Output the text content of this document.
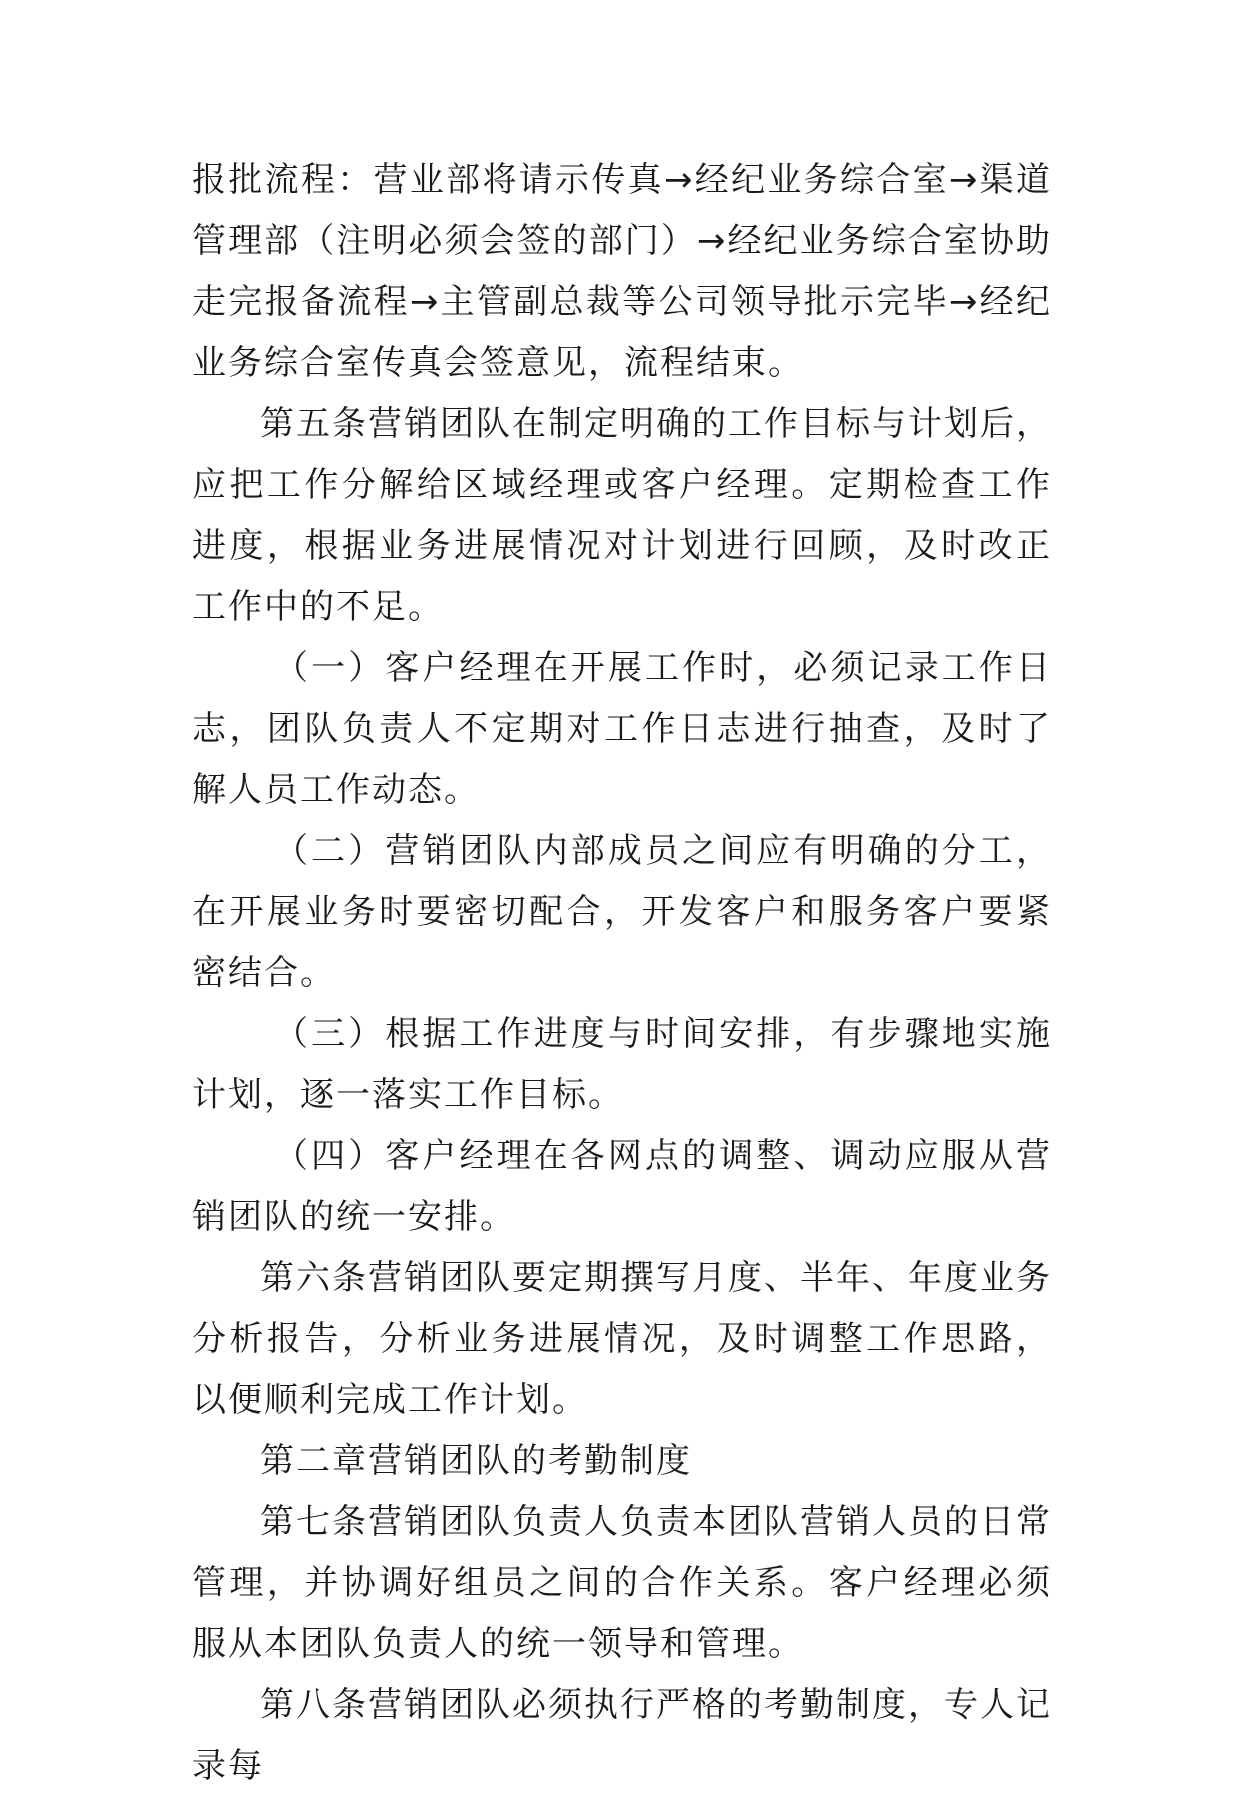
报批流程：营业部将请示传真→经纪业务综合室→渠道管理部（注明必须会签的部门）→经纪业务综合室协助走完报备流程→主管副总裁等公司领导批示完毕→经纪业务综合室传真会签意见，流程结束。

第五条营销团队在制定明确的工作目标与计划后，应把工作分解给区域经理或客户经理。定期检查工作进度，根据业务进展情况对计划进行回顾，及时改正工作中的不足。

（一）客户经理在开展工作时，必须记录工作日志，团队负责人不定期对工作日志进行抽查，及时了解人员工作动态。

（二）营销团队内部成员之间应有明确的分工，在开展业务时要密切配合，开发客户和服务客户要紧密结合。

（三）根据工作进度与时间安排，有步骤地实施计划，逐一落实工作目标。

（四）客户经理在各网点的调整、调动应服从营销团队的统一安排。

第六条营销团队要定期撰写月度、半年、年度业务分析报告，分析业务进展情况，及时调整工作思路，以便顺利完成工作计划。

第二章营销团队的考勤制度

第七条营销团队负责人负责本团队营销人员的日常管理，并协调好组员之间的合作关系。客户经理必须服从本团队负责人的统一领导和管理。

第八条营销团队必须执行严格的考勤制度，专人记录每
